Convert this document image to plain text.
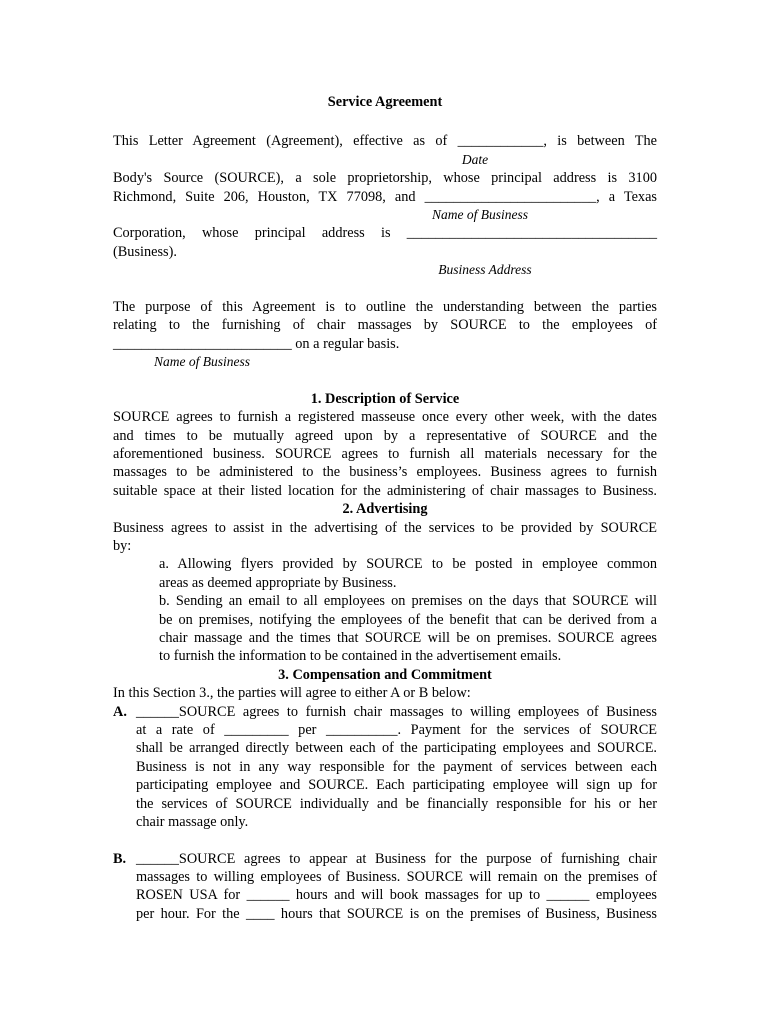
Service Agreement
This Letter Agreement (Agreement), effective as of ____________, is between The
Date
Body's Source (SOURCE), a sole proprietorship, whose principal address is 3100
Richmond, Suite 206, Houston, TX 77098, and ________________________, a Texas
Name of Business
Corporation, whose principal address is ___________________________________
(Business).
Business Address
The purpose of this Agreement is to outline the understanding between the parties
relating to the furnishing of chair massages by SOURCE to the employees of
_________________________ on a regular basis.
Name of Business
1. Description of Service
SOURCE agrees to furnish a registered masseuse once every other week, with the dates
and times to be mutually agreed upon by a representative of SOURCE and the
aforementioned business. SOURCE agrees to furnish all materials necessary for the
massages to be administered to the business’s employees. Business agrees to furnish
suitable space at their listed location for the administering of chair massages to Business.
2. Advertising
Business agrees to assist in the advertising of the services to be provided by SOURCE
by:
a. Allowing flyers provided by SOURCE to be posted in employee common
areas as deemed appropriate by Business.
b. Sending an email to all employees on premises on the days that SOURCE will
be on premises, notifying the employees of the benefit that can be derived from a
chair massage and the times that SOURCE will be on premises. SOURCE agrees
to furnish the information to be contained in the advertisement emails.
3. Compensation and Commitment
In this Section 3., the parties will agree to either A or B below:
A. ______SOURCE agrees to furnish chair massages to willing employees of Business
at a rate of _________ per __________. Payment for the services of SOURCE
shall be arranged directly between each of the participating employees and SOURCE.
Business is not in any way responsible for the payment of services between each
participating employee and SOURCE. Each participating employee will sign up for
the services of SOURCE individually and be financially responsible for his or her
chair massage only.
B. ______SOURCE agrees to appear at Business for the purpose of furnishing chair
massages to willing employees of Business. SOURCE will remain on the premises of
ROSEN USA for ______ hours and will book massages for up to ______ employees
per hour. For the ____ hours that SOURCE is on the premises of Business, Business
